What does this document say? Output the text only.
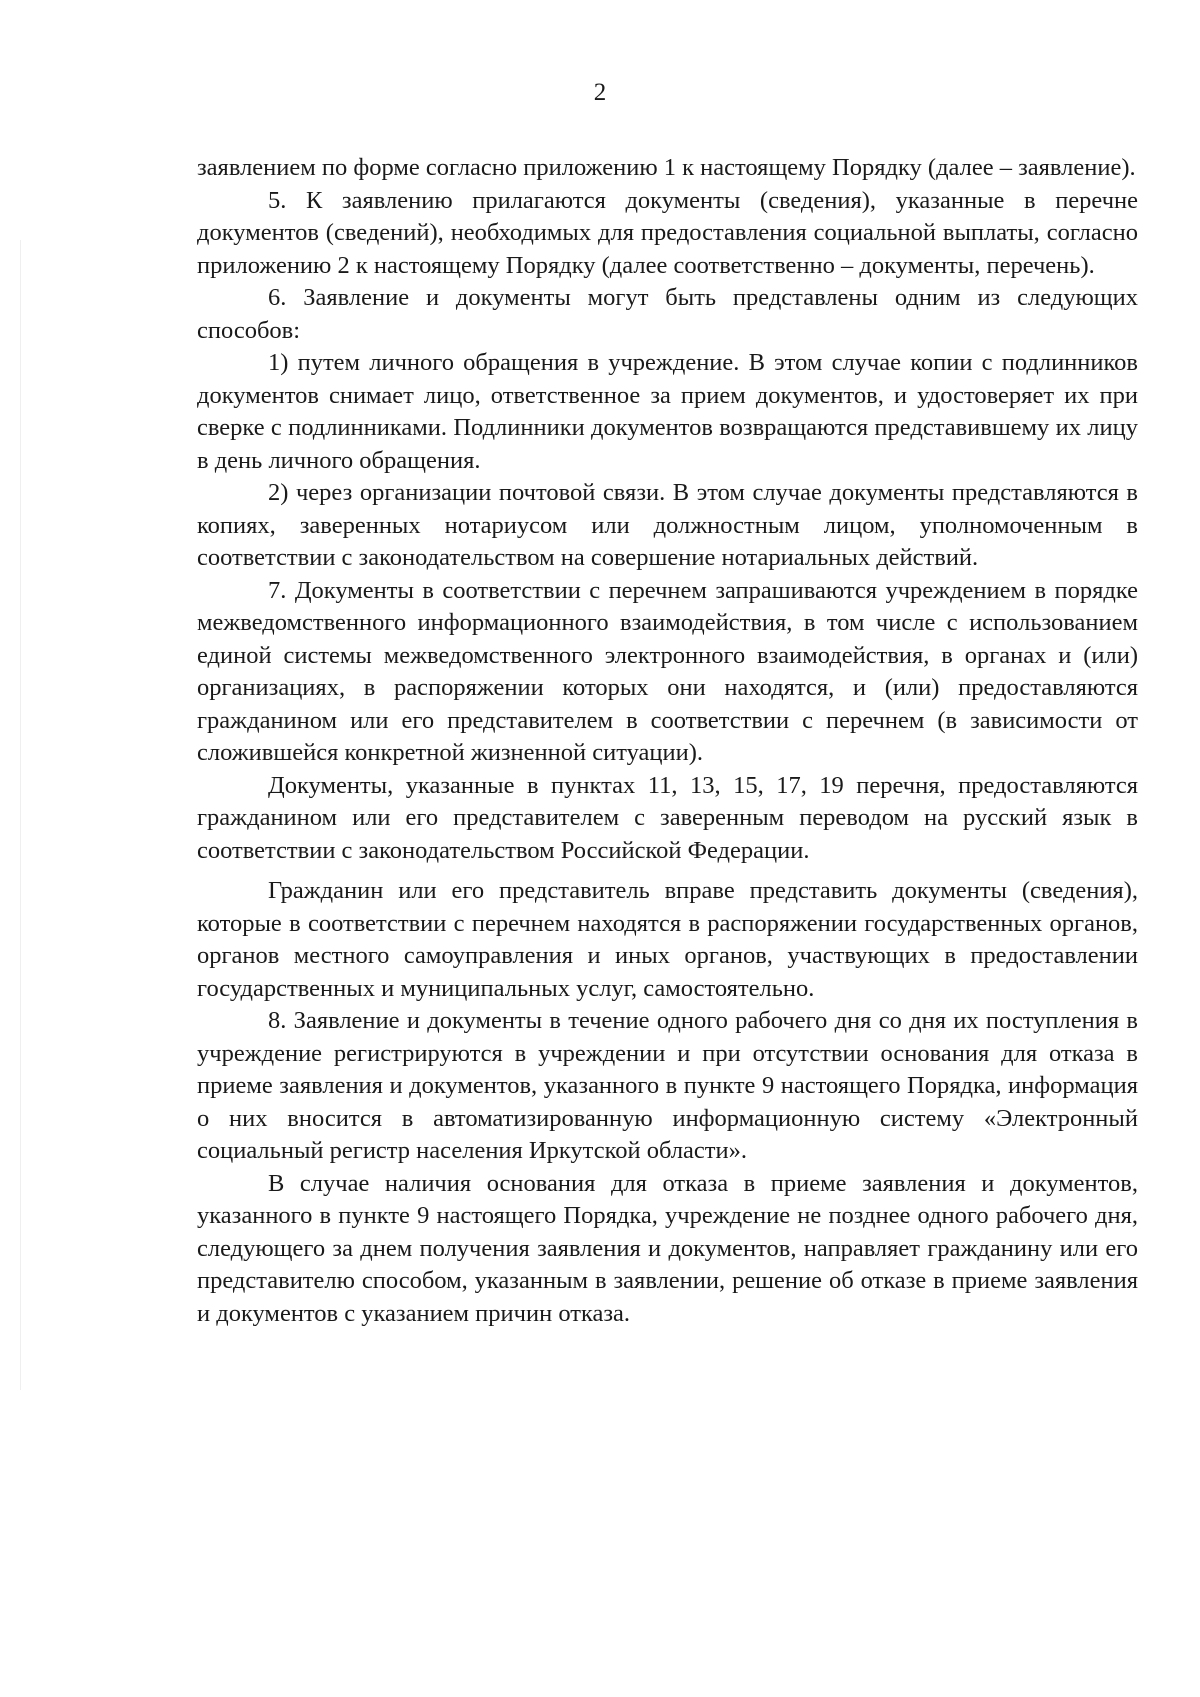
2

заявлением по форме согласно приложению 1 к настоящему Порядку (далее – заявление).

5. К заявлению прилагаются документы (сведения), указанные в перечне документов (сведений), необходимых для предоставления социальной выплаты, согласно приложению 2 к настоящему Порядку (далее соответственно – документы, перечень).

6. Заявление и документы могут быть представлены одним из следующих способов:

1) путем личного обращения в учреждение. В этом случае копии с подлинников документов снимает лицо, ответственное за прием документов, и удостоверяет их при сверке с подлинниками. Подлинники документов возвращаются представившему их лицу в день личного обращения.

2) через организации почтовой связи. В этом случае документы представляются в копиях, заверенных нотариусом или должностным лицом, уполномоченным в соответствии с законодательством на совершение нотариальных действий.

7. Документы в соответствии с перечнем запрашиваются учреждением в порядке межведомственного информационного взаимодействия, в том числе с использованием единой системы межведомственного электронного взаимодействия, в органах и (или) организациях, в распоряжении которых они находятся, и (или) предоставляются гражданином или его представителем в соответствии с перечнем (в зависимости от сложившейся конкретной жизненной ситуации).

Документы, указанные в пунктах 11, 13, 15, 17, 19 перечня, предоставляются гражданином или его представителем с заверенным переводом на русский язык в соответствии с законодательством Российской Федерации.

Гражданин или его представитель вправе представить документы (сведения), которые в соответствии с перечнем находятся в распоряжении государственных органов, органов местного самоуправления и иных органов, участвующих в предоставлении государственных и муниципальных услуг, самостоятельно.

8. Заявление и документы в течение одного рабочего дня со дня их поступления в учреждение регистрируются в учреждении и при отсутствии основания для отказа в приеме заявления и документов, указанного в пункте 9 настоящего Порядка, информация о них вносится в автоматизированную информационную систему «Электронный социальный регистр населения Иркутской области».

В случае наличия основания для отказа в приеме заявления и документов, указанного в пункте 9 настоящего Порядка, учреждение не позднее одного рабочего дня, следующего за днем получения заявления и документов, направляет гражданину или его представителю способом, указанным в заявлении, решение об отказе в приеме заявления и документов с указанием причин отказа.
